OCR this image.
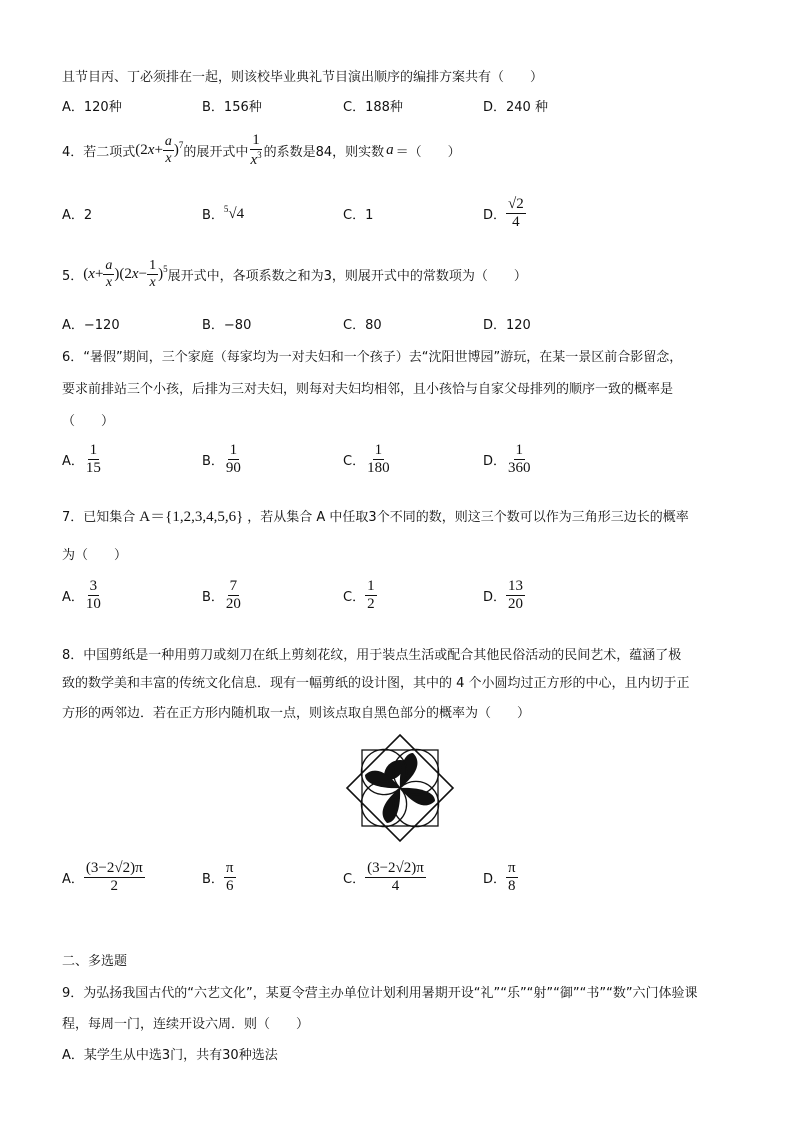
且节目丙、丁必须排在一起，则该校毕业典礼节目演出顺序的编排方案共有（　　）
A．120种	B．156种	C．188种	D．240 种
4．若二项式 $(2x+ \frac{a}{x} )^7$
的展开式中 $\frac{1}{x^3}$ 的系数是84，则实数 a ＝（　　）
A．2	B． $^5$√4	C．1	D． $\frac{√2}{4}$
5． $(x+ \frac{a}{x} )(2x- \frac{1}{x} )^5$
展开式中，各项系数之和为3，则展开式中的常数项为（　　）
A．−120	B．−80	C．80	D．120
6．“暑假”期间，三个家庭（每家均为一对夫妇和一个孩子）去“沈阳世博园”游玩，在某一景区前合影留念，
要求前排站三个小孩，后排为三对夫妇，则每对夫妇均相邻，且小孩恰与自家父母排列的顺序一致的概率是
（　　）
A． $\frac{1}{15}$	B． $\frac{1}{90}$	C． $\frac{1}{180}$	D． $\frac{1}{360}$
7．已知集合 A＝{1,2,3,4,5,6} ，若从集合 A 中任取3个不同的数，则这三个数可以作为三角形三边长的概率
为（　　）
A． $\frac{3}{10}$	B． $\frac{7}{20}$	C． $\frac{1}{2}$	D． $\frac{13}{20}$
8．中国剪纸是一种用剪刀或刻刀在纸上剪刻花纹，用于装点生活或配合其他民俗活动的民间艺术，蕴涵了极
致的数学美和丰富的传统文化信息．现有一幅剪纸的设计图，其中的 4 个小圆均过正方形的中心，且内切于正
方形的两邻边．若在正方形内随机取一点，则该点取自黑色部分的概率为（　　）
A． $\frac{(3-2√2)\pi}{2}$	B． $\frac{\pi}{6}$	C． $\frac{(3-2√2)\pi}{4}$	D． $\frac{\pi}{8}$
二、多选题
9．为弘扬我国古代的“六艺文化”，某夏令营主办单位计划利用暑期开设“礼”“乐”“射”“御”“书”“数”六门体验课
程，每周一门，连续开设六周．则（　　）
A．某学生从中选3门，共有30种选法
